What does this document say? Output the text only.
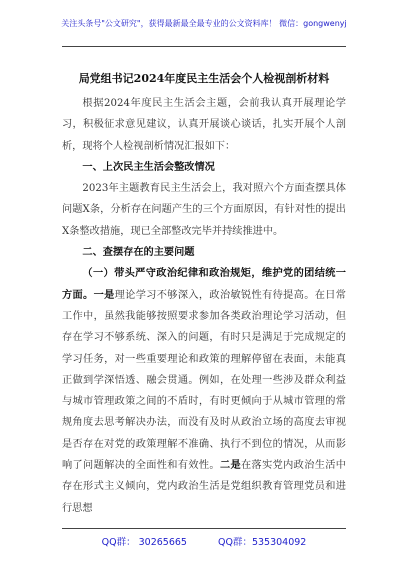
关注头条号"公文研究"，获得最新最全最专业的公文资料库！ 微信：gongwenyj
局党组书记2024年度民主生活会个人检视剖析材料

根据2024年度民主生活会主题，会前我认真开展理论学习，积极征求意见建议，认真开展谈心谈话，扎实开展个人剖析，现将个人检视剖析情况汇报如下：

一、上次民主生活会整改情况

2023年主题教育民主生活会上，我对照六个方面查摆具体问题X条，分析存在问题产生的三个方面原因，有针对性的提出X条整改措施，现已全部整改完毕并持续推进中。

二、查摆存在的主要问题

（一）带头严守政治纪律和政治规矩，维护党的团结统一方面。一是理论学习不够深入，政治敏锐性有待提高。在日常工作中，虽然我能够按照要求参加各类政治理论学习活动，但存在学习不够系统、深入的问题，有时只是满足于完成规定的学习任务，对一些重要理论和政策的理解停留在表面，未能真正做到学深悟透、融会贯通。例如，在处理一些涉及群众利益与城市管理政策之间的不盾时，有时更倾向于从城市管理的常规角度去思考解决办法，而没有及时从政治立场的高度去审视是否存在对党的政策理解不准确、执行不到位的情况，从而影响了问题解决的全面性和有效性。二是在落实党内政治生活中存在形式主义倾向，党内政治生活是党组织教育管理党员和进行思想

QQ群： 30265665	QQ群：535304092
